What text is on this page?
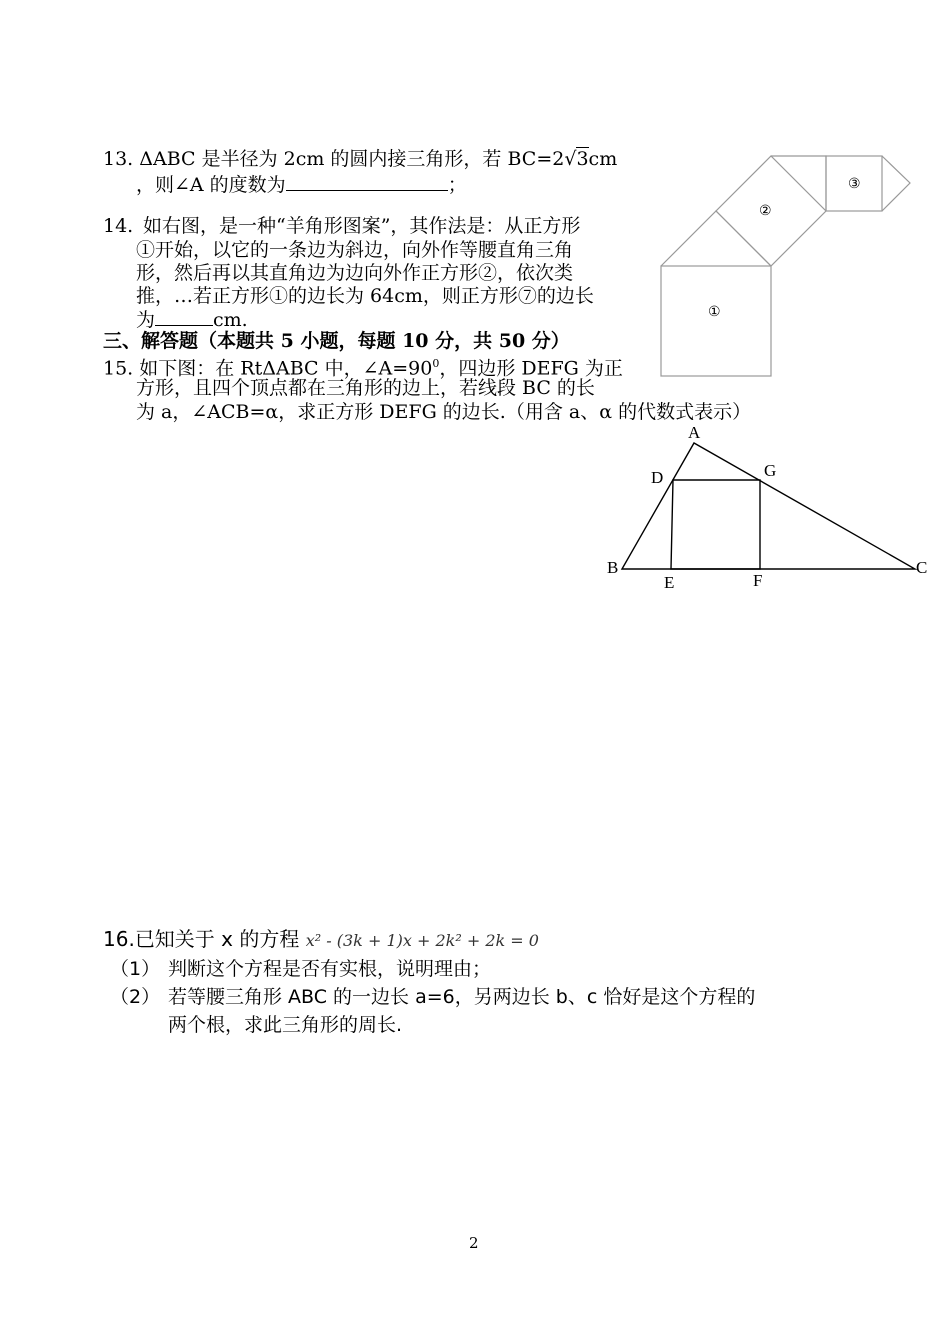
13. ΔABC 是半径为 2cm 的圆内接三角形，若 BC=2√3cm
，则∠A 的度数为	；
14. 如右图，是一种“羊角形图案”，其作法是：从正方形
①开始，以它的一条边为斜边，向外作等腰直角三角
形，然后再以其直角边为边向外作正方形②，依次类
推，…若正方形①的边长为 64cm，则正方形⑦的边长
为	cm.
三、解答题（本题共 5 小题，每题 10 分，共 50 分）
15. 如下图：在 RtΔABC 中，$\angle A=90^0$，四边形 DEFG 为正
方形，且四个顶点都在三角形的边上，若线段 BC 的长
为 a，∠ACB=α，求正方形 DEFG 的边长.（用含 a、α 的代数式表示）
①
②
③
A
B	C
D
E	F
G
16.已知关于 x 的方程 x² - (3k + 1)x + 2k² + 2k = 0
（1） 判断这个方程是否有实根，说明理由；
（2） 若等腰三角形 ABC 的一边长 a=6，另两边长 b、c 恰好是这个方程的
两个根，求此三角形的周长.
2
